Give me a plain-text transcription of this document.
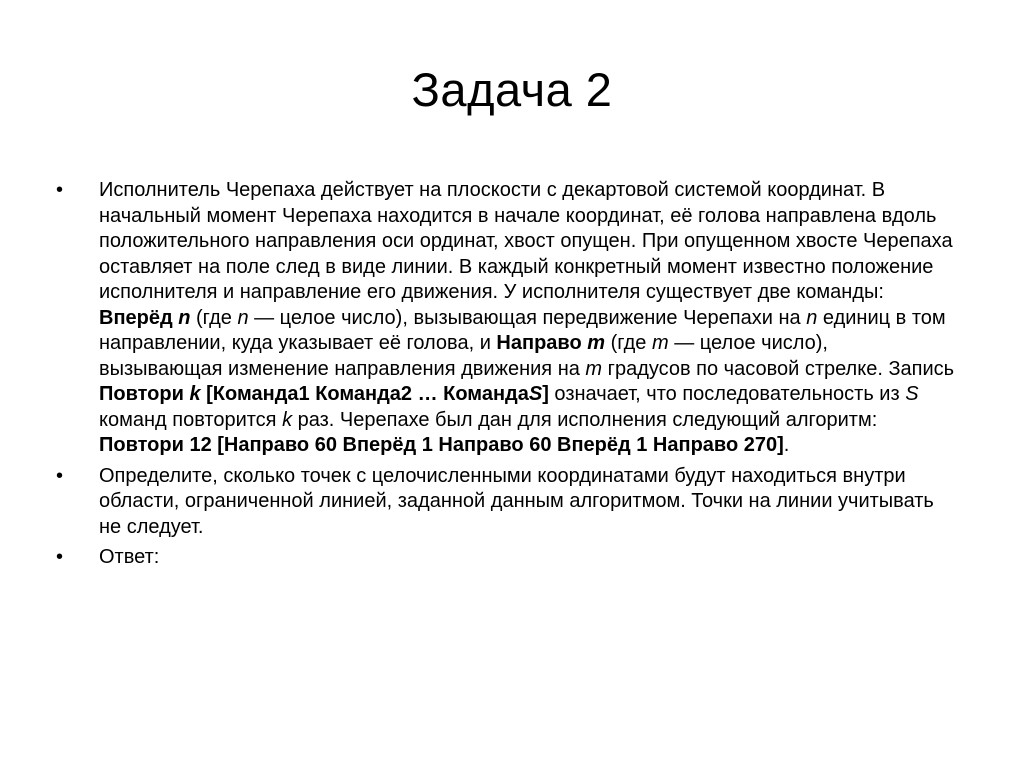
Задача 2
• Исполнитель Черепаха действует на плоскости с декартовой системой координат. В начальный момент Черепаха находится в начале координат, её голова направлена вдоль положительного направления оси ординат, хвост опущен. При опущенном хвосте Черепаха оставляет на поле след в виде линии. В каждый конкретный момент известно положение исполнителя и направление его движения. У исполнителя существует две команды: Вперёд n (где n — целое число), вызывающая передвижение Черепахи на n единиц в том направлении, куда указывает её голова, и Направо m (где m — целое число), вызывающая изменение направления движения на m градусов по часовой стрелке. Запись Повтори k [Команда1 Команда2 … КомандаS] означает, что последовательность из S команд повторится k раз. Черепахе был дан для исполнения следующий алгоритм: Повтори 12 [Направо 60 Вперёд 1 Направо 60 Вперёд 1 Направо 270].
• Определите, сколько точек с целочисленными координатами будут находиться внутри области, ограниченной линией, заданной данным алгоритмом. Точки на линии учитывать не следует.
• Ответ:
